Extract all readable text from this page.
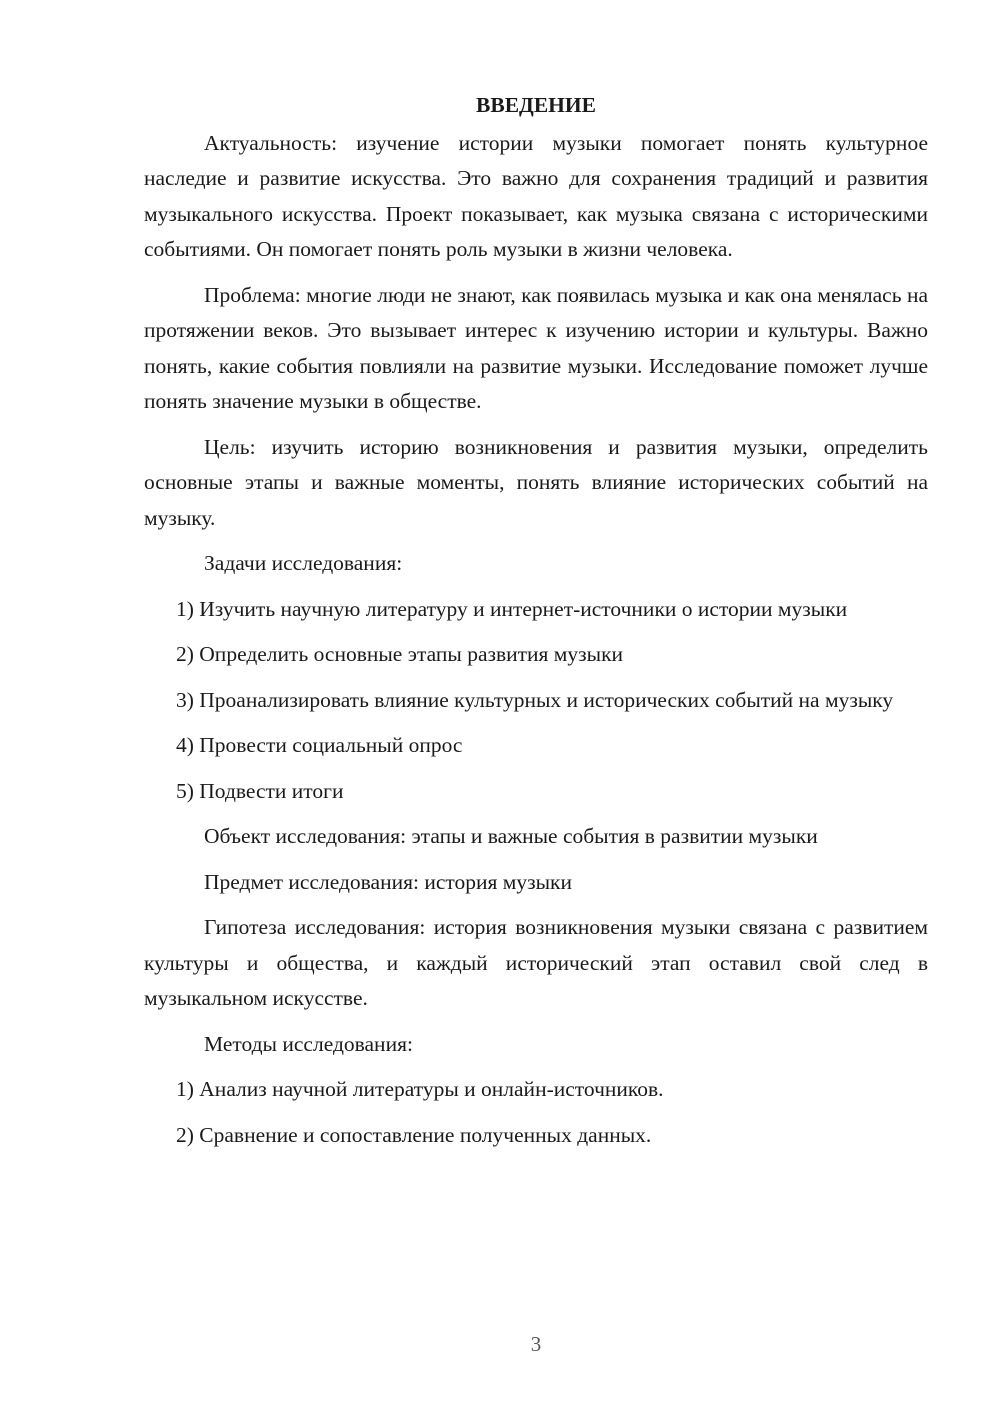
ВВЕДЕНИЕ

Актуальность: изучение истории музыки помогает понять культурное наследие и развитие искусства. Это важно для сохранения традиций и развития музыкального искусства. Проект показывает, как музыка связана с историческими событиями. Он помогает понять роль музыки в жизни человека.

Проблема: многие люди не знают, как появилась музыка и как она менялась на протяжении веков. Это вызывает интерес к изучению истории и культуры. Важно понять, какие события повлияли на развитие музыки. Исследование поможет лучше понять значение музыки в обществе.

Цель: изучить историю возникновения и развития музыки, определить основные этапы и важные моменты, понять влияние исторических событий на музыку.

Задачи исследования:

1) Изучить научную литературу и интернет-источники о истории музыки

2) Определить основные этапы развития музыки

3) Проанализировать влияние культурных и исторических событий на музыку

4) Провести социальный опрос

5) Подвести итоги

Объект исследования: этапы и важные события в развитии музыки

Предмет исследования: история музыки

Гипотеза исследования: история возникновения музыки связана с развитием культуры и общества, и каждый исторический этап оставил свой след в музыкальном искусстве.

Методы исследования:

1) Анализ научной литературы и онлайн-источников.

2) Сравнение и сопоставление полученных данных.

3
